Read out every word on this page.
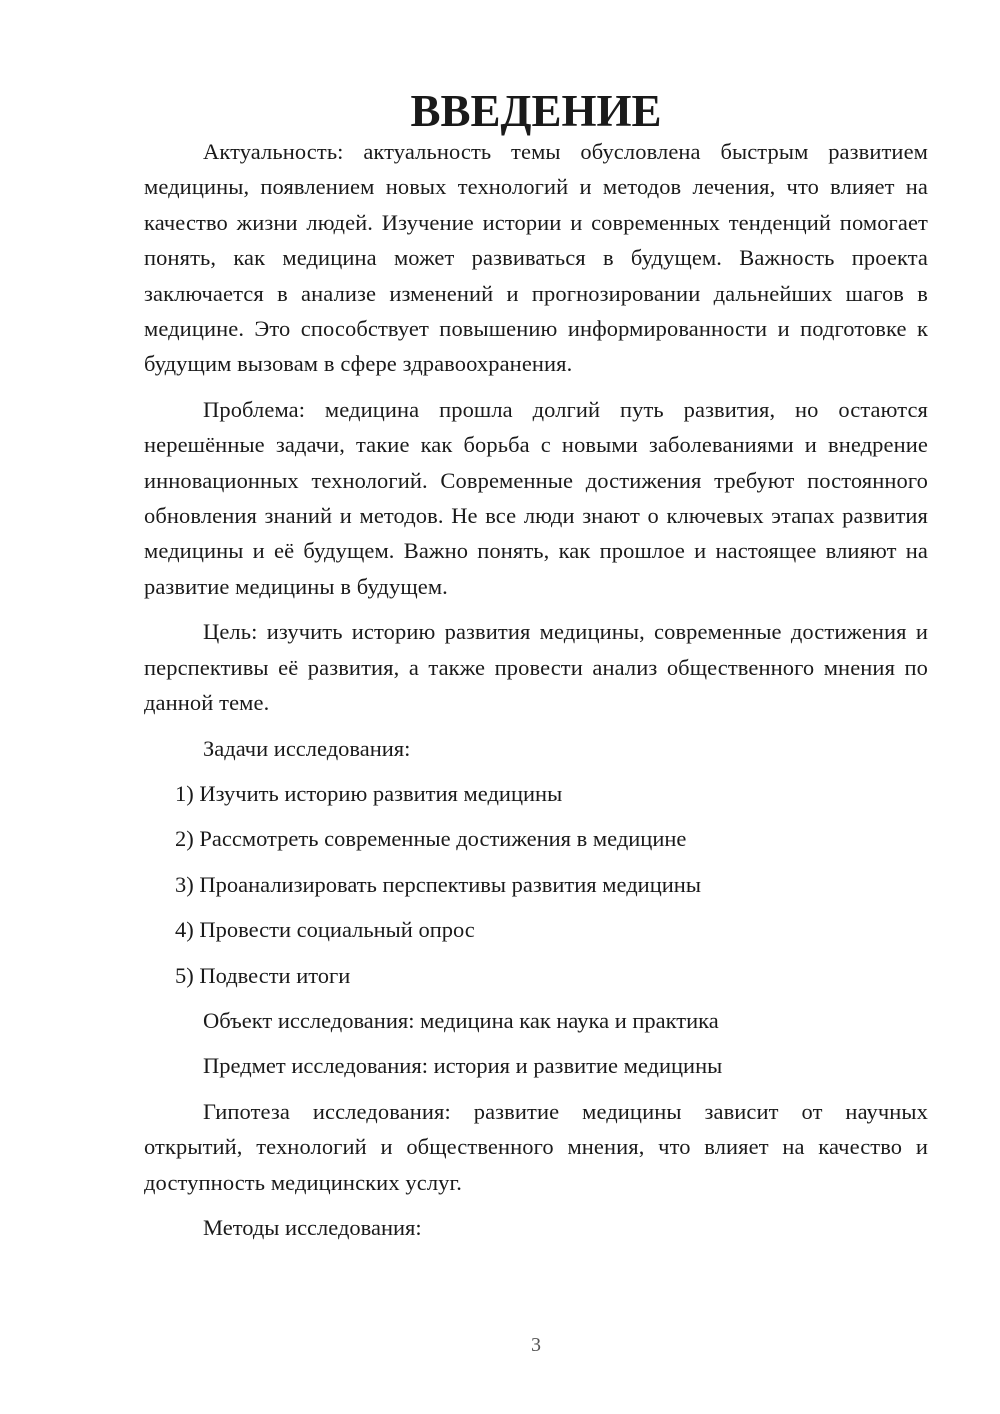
ВВЕДЕНИЕ

Актуальность: актуальность темы обусловлена быстрым развитием медицины, появлением новых технологий и методов лечения, что влияет на качество жизни людей. Изучение истории и современных тенденций помогает понять, как медицина может развиваться в будущем. Важность проекта заключается в анализе изменений и прогнозировании дальнейших шагов в медицине. Это способствует повышению информированности и подготовке к будущим вызовам в сфере здравоохранения.

Проблема: медицина прошла долгий путь развития, но остаются нерешённые задачи, такие как борьба с новыми заболеваниями и внедрение инновационных технологий. Современные достижения требуют постоянного обновления знаний и методов. Не все люди знают о ключевых этапах развития медицины и её будущем. Важно понять, как прошлое и настоящее влияют на развитие медицины в будущем.

Цель: изучить историю развития медицины, современные достижения и перспективы её развития, а также провести анализ общественного мнения по данной теме.

Задачи исследования:
1) Изучить историю развития медицины
2) Рассмотреть современные достижения в медицине
3) Проанализировать перспективы развития медицины
4) Провести социальный опрос
5) Подвести итоги
Объект исследования: медицина как наука и практика
Предмет исследования: история и развитие медицины

Гипотеза исследования: развитие медицины зависит от научных открытий, технологий и общественного мнения, что влияет на качество и доступность медицинских услуг.

Методы исследования:
3
